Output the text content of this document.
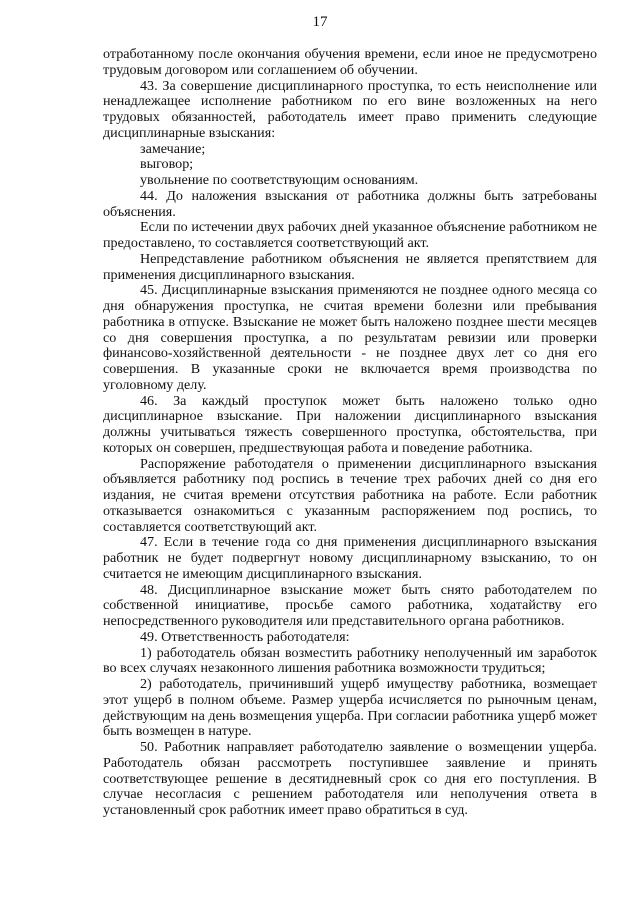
17

отработанному после окончания обучения времени, если иное не предусмотрено трудовым договором или соглашением об обучении.

43. За совершение дисциплинарного проступка, то есть неисполнение или ненадлежащее исполнение работником по его вине возложенных на него трудовых обязанностей, работодатель имеет право применить следующие дисциплинарные взыскания:

замечание;

выговор;

увольнение по соответствующим основаниям.

44. До наложения взыскания от работника должны быть затребованы объяснения.

Если по истечении двух рабочих дней указанное объяснение работником не предоставлено, то составляется соответствующий акт.

Непредставление работником объяснения не является препятствием для применения дисциплинарного взыскания.

45. Дисциплинарные взыскания применяются не позднее одного месяца со дня обнаружения проступка, не считая времени болезни или пребывания работника в отпуске. Взыскание не может быть наложено позднее шести месяцев со дня совершения проступка, а по результатам ревизии или проверки финансово-хозяйственной деятельности - не позднее двух лет со дня его совершения. В указанные сроки не включается время производства по уголовному делу.

46. За каждый проступок может быть наложено только одно дисциплинарное взыскание. При наложении дисциплинарного взыскания должны учитываться тяжесть совершенного проступка, обстоятельства, при которых он совершен, предшествующая работа и поведение работника.

Распоряжение работодателя о применении дисциплинарного взыскания объявляется работнику под роспись в течение трех рабочих дней со дня его издания, не считая времени отсутствия работника на работе. Если работник отказывается ознакомиться с указанным распоряжением под роспись, то составляется соответствующий акт.

47. Если в течение года со дня применения дисциплинарного взыскания работник не будет подвергнут новому дисциплинарному взысканию, то он считается не имеющим дисциплинарного взыскания.

48. Дисциплинарное взыскание может быть снято работодателем по собственной инициативе, просьбе самого работника, ходатайству его непосредственного руководителя или представительного органа работников.

49. Ответственность работодателя:

1) работодатель обязан возместить работнику неполученный им заработок во всех случаях незаконного лишения работника возможности трудиться;

2) работодатель, причинивший ущерб имуществу работника, возмещает этот ущерб в полном объеме. Размер ущерба исчисляется по рыночным ценам, действующим на день возмещения ущерба. При согласии работника ущерб может быть возмещен в натуре.

50. Работник направляет работодателю заявление о возмещении ущерба. Работодатель обязан рассмотреть поступившее заявление и принять соответствующее решение в десятидневный срок со дня его поступления. В случае несогласия с решением работодателя или неполучения ответа в установленный срок работник имеет право обратиться в суд.
